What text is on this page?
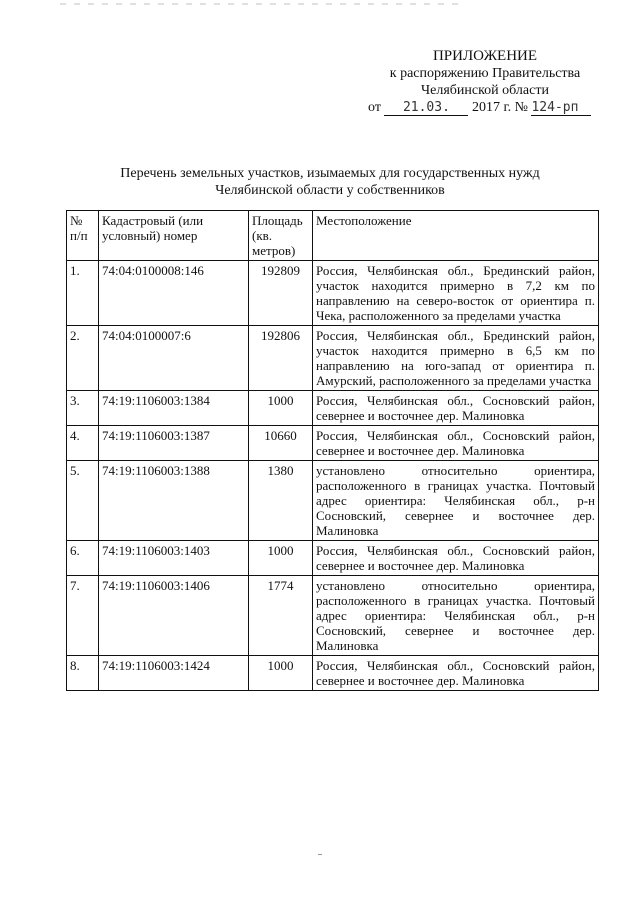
ПРИЛОЖЕНИЕ
к распоряжению Правительства
Челябинской области
от 21.03. 2017 г. № 124-рп
Перечень земельных участков, изымаемых для государственных нужд
Челябинской области у собственников
№ п/п	Кадастровый (или условный) номер	Площадь (кв. метров)	Местоположение
1.	74:04:0100008:146	192809	Россия, Челябинская обл., Брединский район, участок находится примерно в 7,2 км по направлению на северо-восток от ориентира п. Чека, расположенного за пределами участка
2.	74:04:0100007:6	192806	Россия, Челябинская обл., Брединский район, участок находится примерно в 6,5 км по направлению на юго-запад от ориентира п. Амурский, расположенного за пределами участка
3.	74:19:1106003:1384	1000	Россия, Челябинская обл., Сосновский район, севернее и восточнее дер. Малиновка
4.	74:19:1106003:1387	10660	Россия, Челябинская обл., Сосновский район, севернее и восточнее дер. Малиновка
5.	74:19:1106003:1388	1380	установлено относительно ориентира, расположенного в границах участка. Почтовый адрес ориентира: Челябинская обл., р-н Сосновский, севернее и восточнее дер. Малиновка
6.	74:19:1106003:1403	1000	Россия, Челябинская обл., Сосновский район, севернее и восточнее дер. Малиновка
7.	74:19:1106003:1406	1774	установлено относительно ориентира, расположенного в границах участка. Почтовый адрес ориентира: Челябинская обл., р-н Сосновский, севернее и восточнее дер. Малиновка
8.	74:19:1106003:1424	1000	Россия, Челябинская обл., Сосновский район, севернее и восточнее дер. Малиновка
